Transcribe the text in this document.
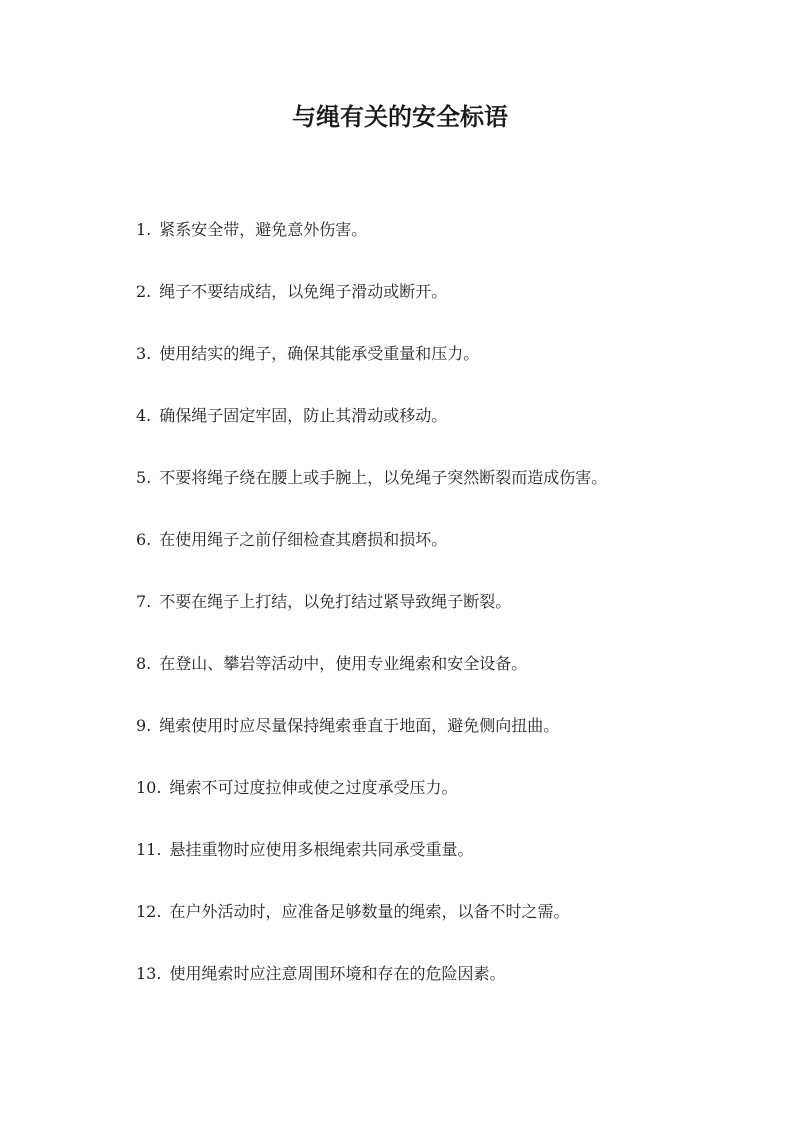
与绳有关的安全标语
1. 紧系安全带，避免意外伤害。
2. 绳子不要结成结，以免绳子滑动或断开。
3. 使用结实的绳子，确保其能承受重量和压力。
4. 确保绳子固定牢固，防止其滑动或移动。
5. 不要将绳子绕在腰上或手腕上，以免绳子突然断裂而造成伤害。
6. 在使用绳子之前仔细检查其磨损和损坏。
7. 不要在绳子上打结，以免打结过紧导致绳子断裂。
8. 在登山、攀岩等活动中，使用专业绳索和安全设备。
9. 绳索使用时应尽量保持绳索垂直于地面，避免侧向扭曲。
10. 绳索不可过度拉伸或使之过度承受压力。
11. 悬挂重物时应使用多根绳索共同承受重量。
12. 在户外活动时，应准备足够数量的绳索，以备不时之需。
13. 使用绳索时应注意周围环境和存在的危险因素。
